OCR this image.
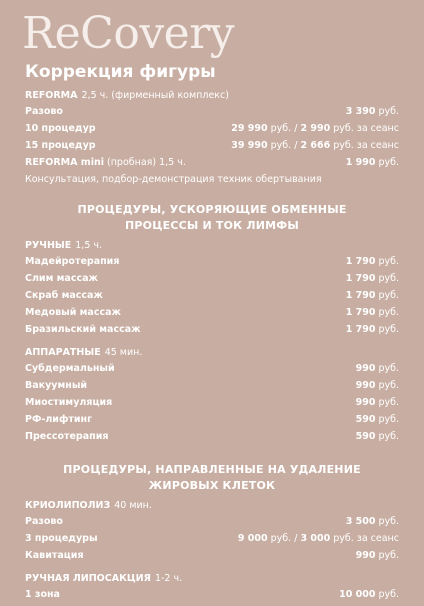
ReCovery
Коррекция фигуры
REFORMA 2,5 ч. (фирменный комплекс)
Разово	3 390 руб.
10 процедур	29 990 руб. / 2 990 руб. за сеанс
15 процедур	39 990 руб. / 2 666 руб. за сеанс
REFORMA mini (пробная) 1,5 ч.	1 990 руб.
Консультация, подбор-демонстрация техник обертывания
ПРОЦЕДУРЫ, УСКОРЯЮЩИЕ ОБМЕННЫЕ
ПРОЦЕССЫ И ТОК ЛИМФЫ
РУЧНЫЕ 1,5 ч.
Мадейротерапия	1 790 руб.
Слим массаж	1 790 руб.
Скраб массаж	1 790 руб.
Медовый массаж	1 790 руб.
Бразильский массаж	1 790 руб.
АППАРАТНЫЕ 45 мин.
Субдермальный	990 руб.
Вакуумный	990 руб.
Миостимуляция	990 руб.
РФ-лифтинг	590 руб.
Прессотерапия	590 руб.
ПРОЦЕДУРЫ, НАПРАВЛЕННЫЕ НА УДАЛЕНИЕ
ЖИРОВЫХ КЛЕТОК
КРИОЛИПОЛИЗ 40 мин.
Разово	3 500 руб.
3 процедуры	9 000 руб. / 3 000 руб. за сеанс
Кавитация	990 руб.
РУЧНАЯ ЛИПОСАКЦИЯ 1-2 ч.
1 зона	10 000 руб.
